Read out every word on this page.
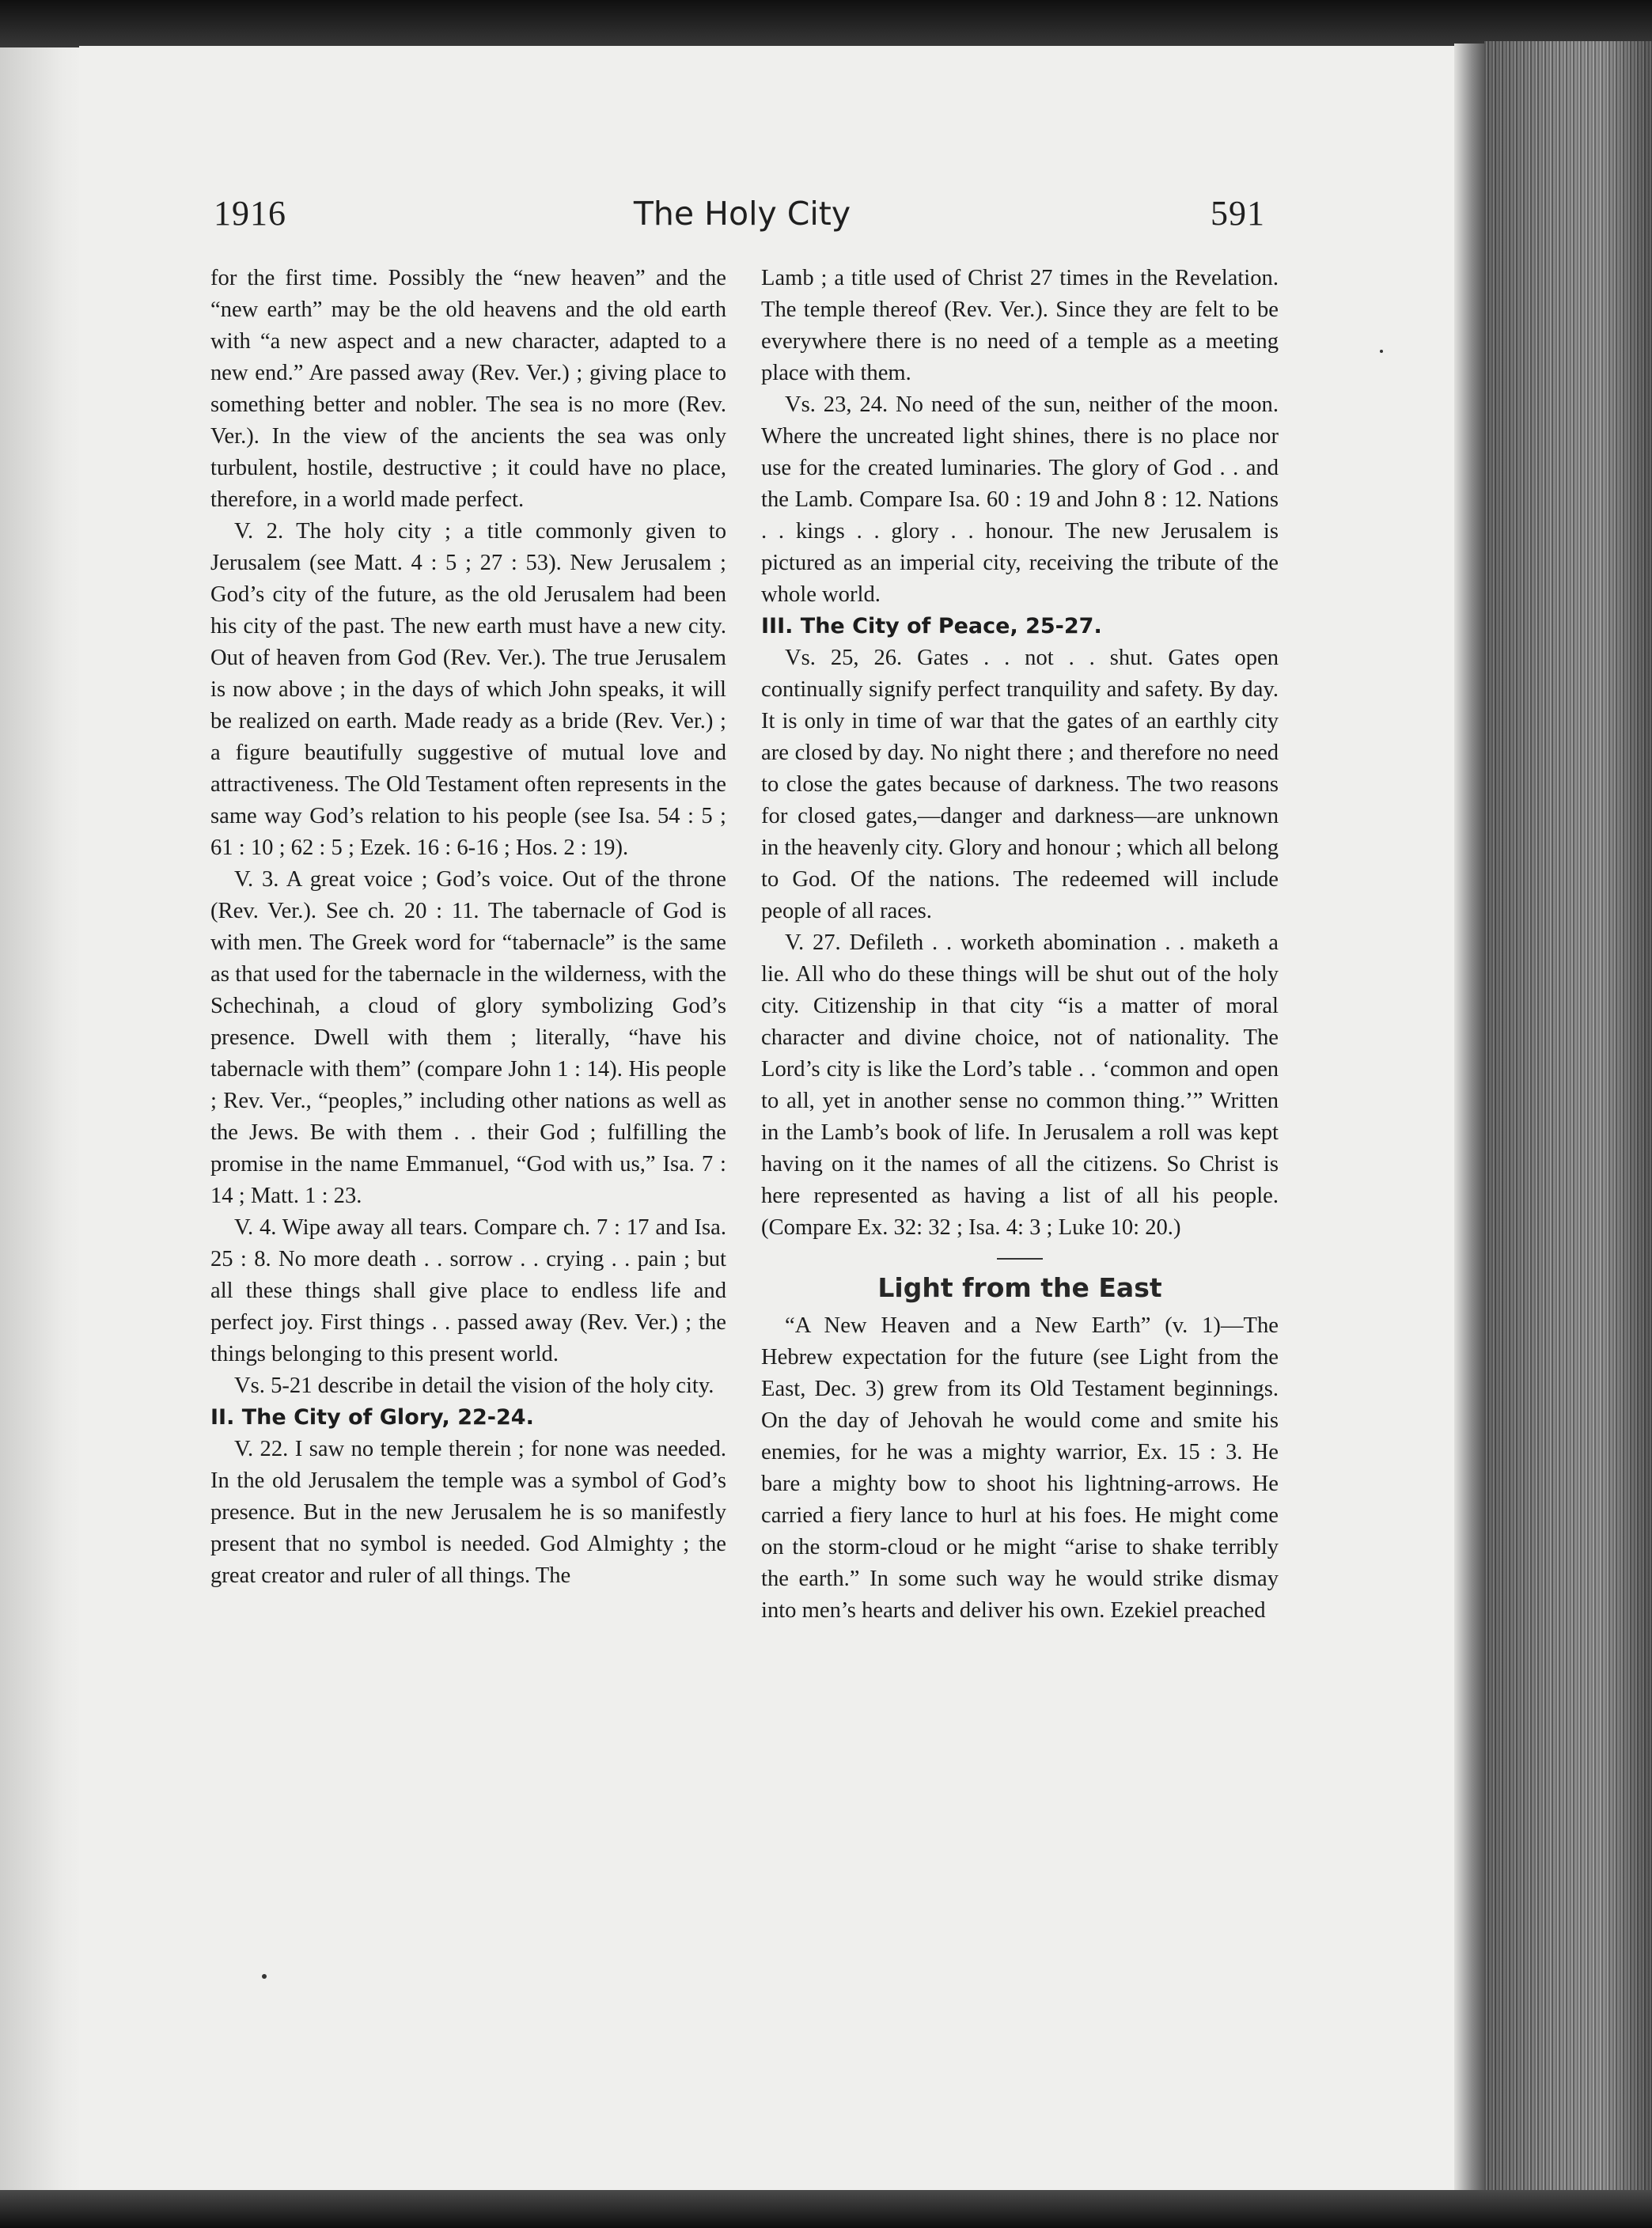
1916	The Holy City	591

for the first time. Possibly the “new heaven” and the “new earth” may be the old heavens and the old earth with “a new aspect and a new character, adapted to a new end.” Are passed away (Rev. Ver.) ; giving place to something better and nobler. The sea is no more (Rev. Ver.). In the view of the ancients the sea was only turbulent, hostile, destructive ; it could have no place, therefore, in a world made perfect.

V. 2. The holy city ; a title commonly given to Jerusalem (see Matt. 4 : 5 ; 27 : 53). New Jerusalem ; God’s city of the future, as the old Jerusalem had been his city of the past. The new earth must have a new city. Out of heaven from God (Rev. Ver.). The true Jerusalem is now above ; in the days of which John speaks, it will be realized on earth. Made ready as a bride (Rev. Ver.) ; a figure beautifully suggestive of mutual love and attractiveness. The Old Testament often represents in the same way God’s relation to his people (see Isa. 54 : 5 ; 61 : 10 ; 62 : 5 ; Ezek. 16 : 6-16 ; Hos. 2 : 19).

V. 3. A great voice ; God’s voice. Out of the throne (Rev. Ver.). See ch. 20 : 11. The tabernacle of God is with men. The Greek word for “tabernacle” is the same as that used for the tabernacle in the wilderness, with the Schechinah, a cloud of glory symbolizing God’s presence. Dwell with them ; literally, “have his tabernacle with them” (compare John 1 : 14). His people ; Rev. Ver., “peoples,” including other nations as well as the Jews. Be with them . . their God ; fulfilling the promise in the name Emmanuel, “God with us,” Isa. 7 : 14 ; Matt. 1 : 23.

V. 4. Wipe away all tears. Compare ch. 7 : 17 and Isa. 25 : 8. No more death . . sorrow . . crying . . pain ; but all these things shall give place to endless life and perfect joy. First things . . passed away (Rev. Ver.) ; the things belonging to this present world.

Vs. 5-21 describe in detail the vision of the holy city.

II. The City of Glory, 22-24.

V. 22. I saw no temple therein ; for none was needed. In the old Jerusalem the temple was a symbol of God’s presence. But in the new Jerusalem he is so manifestly present that no symbol is needed. God Almighty ; the great creator and ruler of all things. The

Lamb ; a title used of Christ 27 times in the Revelation. The temple thereof (Rev. Ver.). Since they are felt to be everywhere there is no need of a temple as a meeting place with them.

Vs. 23, 24. No need of the sun, neither of the moon. Where the uncreated light shines, there is no place nor use for the created luminaries. The glory of God . . and the Lamb. Compare Isa. 60 : 19 and John 8 : 12. Nations . . kings . . glory . . honour. The new Jerusalem is pictured as an imperial city, receiving the tribute of the whole world.

III. The City of Peace, 25-27.

Vs. 25, 26. Gates . . not . . shut. Gates open continually signify perfect tranquility and safety. By day. It is only in time of war that the gates of an earthly city are closed by day. No night there ; and therefore no need to close the gates because of darkness. The two reasons for closed gates,—danger and darkness—are unknown in the heavenly city. Glory and honour ; which all belong to God. Of the nations. The redeemed will include people of all races.

V. 27. Defileth . . worketh abomination . . maketh a lie. All who do these things will be shut out of the holy city. Citizenship in that city “is a matter of moral character and divine choice, not of nationality. The Lord’s city is like the Lord’s table . . ‘common and open to all, yet in another sense no common thing.’” Written in the Lamb’s book of life. In Jerusalem a roll was kept having on it the names of all the citizens. So Christ is here represented as having a list of all his people. (Compare Ex. 32: 32 ; Isa. 4: 3 ; Luke 10: 20.)

Light from the East

“A New Heaven and a New Earth” (v. 1)—The Hebrew expectation for the future (see Light from the East, Dec. 3) grew from its Old Testament beginnings. On the day of Jehovah he would come and smite his enemies, for he was a mighty warrior, Ex. 15 : 3. He bare a mighty bow to shoot his lightning-arrows. He carried a fiery lance to hurl at his foes. He might come on the storm-cloud or he might “arise to shake terribly the earth.” In some such way he would strike dismay into men’s hearts and deliver his own. Ezekiel preached
